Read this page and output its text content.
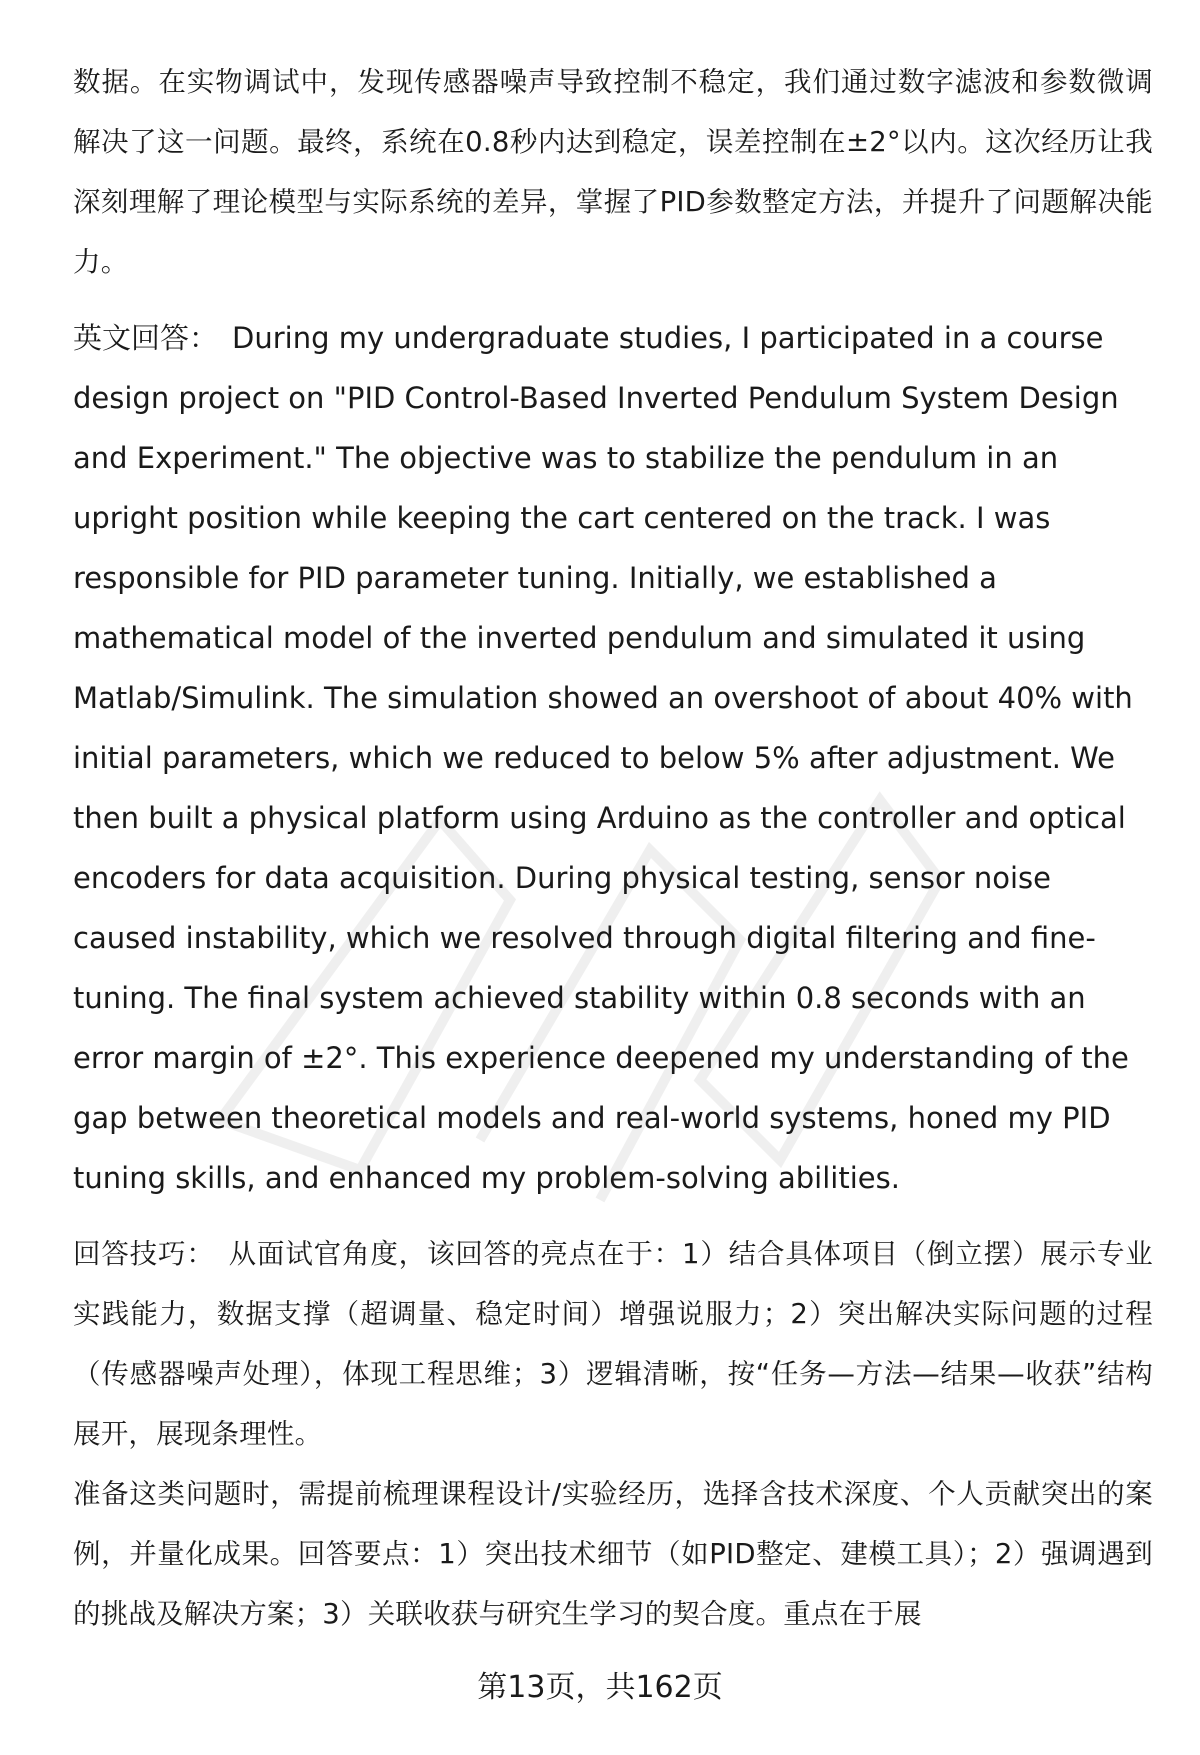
数据。在实物调试中，发现传感器噪声导致控制不稳定，我们通过数字滤波和参数微调解决了这一问题。最终，系统在0.8秒内达到稳定，误差控制在±2°以内。这次经历让我深刻理解了理论模型与实际系统的差异，掌握了PID参数整定方法，并提升了问题解决能力。

英文回答： During my undergraduate studies, I participated in a course design project on "PID Control-Based Inverted Pendulum System Design and Experiment." The objective was to stabilize the pendulum in an upright position while keeping the cart centered on the track. I was responsible for PID parameter tuning. Initially, we established a mathematical model of the inverted pendulum and simulated it using Matlab/Simulink. The simulation showed an overshoot of about 40% with initial parameters, which we reduced to below 5% after adjustment. We then built a physical platform using Arduino as the controller and optical encoders for data acquisition. During physical testing, sensor noise caused instability, which we resolved through digital filtering and fine-tuning. The final system achieved stability within 0.8 seconds with an error margin of ±2°. This experience deepened my understanding of the gap between theoretical models and real-world systems, honed my PID tuning skills, and enhanced my problem-solving abilities.

回答技巧： 从面试官角度，该回答的亮点在于：1）结合具体项目（倒立摆）展示专业实践能力，数据支撑（超调量、稳定时间）增强说服力；2）突出解决实际问题的过程（传感器噪声处理），体现工程思维；3）逻辑清晰，按“任务—方法—结果—收获”结构展开，展现条理性。

准备这类问题时，需提前梳理课程设计/实验经历，选择含技术深度、个人贡献突出的案例，并量化成果。回答要点：1）突出技术细节（如PID整定、建模工具）；2）强调遇到的挑战及解决方案；3）关联收获与研究生学习的契合度。重点在于展

第13页，共162页
